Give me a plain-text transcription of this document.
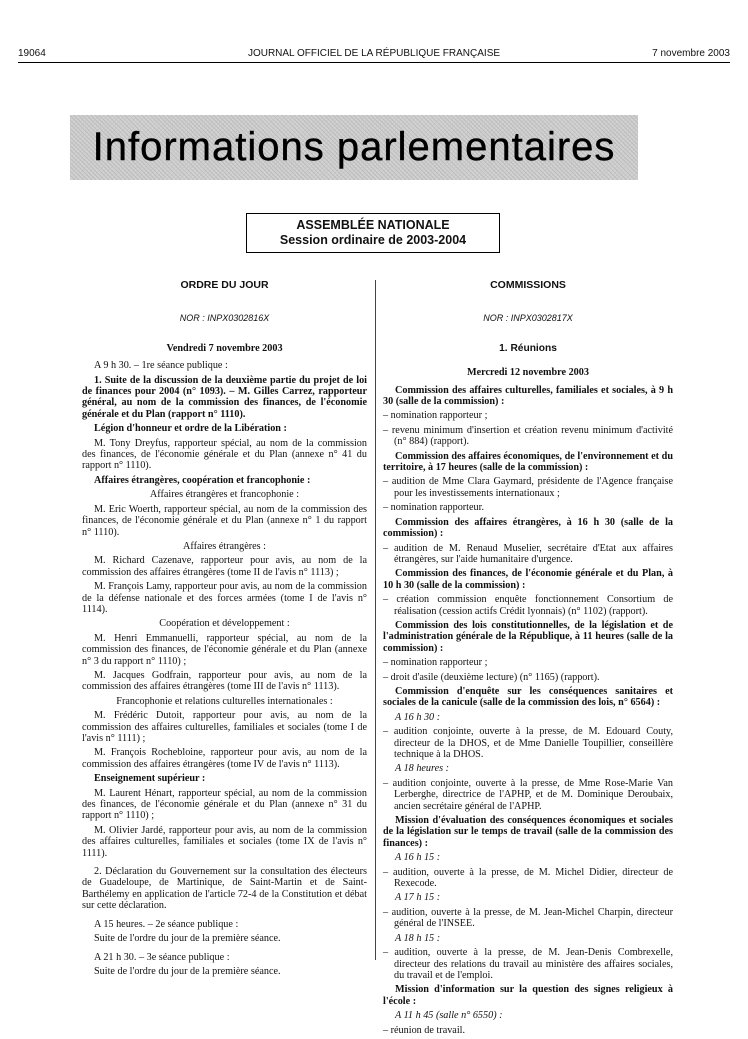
19064	JOURNAL OFFICIEL DE LA RÉPUBLIQUE FRANÇAISE	7 novembre 2003
Informations parlementaires
ASSEMBLÉE NATIONALE
Session ordinaire de 2003-2004
ORDRE DU JOUR
NOR : INPX0302816X
Vendredi 7 novembre 2003

A 9 h 30. – 1re séance publique :

1. Suite de la discussion de la deuxième partie du projet de loi de finances pour 2004 (n° 1093). – M. Gilles Carrez, rapporteur général, au nom de la commission des finances, de l'économie générale et du Plan (rapport n° 1110).

Légion d'honneur et ordre de la Libération :

M. Tony Dreyfus, rapporteur spécial, au nom de la commission des finances, de l'économie générale et du Plan (annexe n° 41 du rapport n° 1110).

Affaires étrangères, coopération et francophonie :

Affaires étrangères et francophonie :

M. Eric Woerth, rapporteur spécial, au nom de la commission des finances, de l'économie générale et du Plan (annexe n° 1 du rapport n° 1110).

Affaires étrangères :

M. Richard Cazenave, rapporteur pour avis, au nom de la commission des affaires étrangères (tome II de l'avis n° 1113) ;

M. François Lamy, rapporteur pour avis, au nom de la commission de la défense nationale et des forces armées (tome I de l'avis n° 1114).

Coopération et développement :

M. Henri Emmanuelli, rapporteur spécial, au nom de la commission des finances, de l'économie générale et du Plan (annexe n° 3 du rapport n° 1110) ;

M. Jacques Godfrain, rapporteur pour avis, au nom de la commission des affaires étrangères (tome III de l'avis n° 1113).

Francophonie et relations culturelles internationales :

M. Frédéric Dutoit, rapporteur pour avis, au nom de la commission des affaires culturelles, familiales et sociales (tome I de l'avis n° 1111) ;

M. François Rochebloine, rapporteur pour avis, au nom de la commission des affaires étrangères (tome IV de l'avis n° 1113).

Enseignement supérieur :

M. Laurent Hénart, rapporteur spécial, au nom de la commission des finances, de l'économie générale et du Plan (annexe n° 31 du rapport n° 1110) ;

M. Olivier Jardé, rapporteur pour avis, au nom de la commission des affaires culturelles, familiales et sociales (tome IX de l'avis n° 1111).

2. Déclaration du Gouvernement sur la consultation des électeurs de Guadeloupe, de Martinique, de Saint-Martin et de Saint-Barthélemy en application de l'article 72-4 de la Constitution et débat sur cette déclaration.

A 15 heures. – 2e séance publique :

Suite de l'ordre du jour de la première séance.

A 21 h 30. – 3e séance publique :

Suite de l'ordre du jour de la première séance.

COMMISSIONS
NOR : INPX0302817X
1. Réunions
Mercredi 12 novembre 2003

Commission des affaires culturelles, familiales et sociales, à 9 h 30 (salle de la commission) :

– nomination rapporteur ;

– revenu minimum d'insertion et création revenu minimum d'activité (n° 884) (rapport).

Commission des affaires économiques, de l'environnement et du territoire, à 17 heures (salle de la commission) :

– audition de Mme Clara Gaymard, présidente de l'Agence française pour les investissements internationaux ;

– nomination rapporteur.

Commission des affaires étrangères, à 16 h 30 (salle de la commission) :

– audition de M. Renaud Muselier, secrétaire d'Etat aux affaires étrangères, sur l'aide humanitaire d'urgence.

Commission des finances, de l'économie générale et du Plan, à 10 h 30 (salle de la commission) :

– création commission enquête fonctionnement Consortium de réalisation (cession actifs Crédit lyonnais) (n° 1102) (rapport).

Commission des lois constitutionnelles, de la législation et de l'administration générale de la République, à 11 heures (salle de la commission) :

– nomination rapporteur ;

– droit d'asile (deuxième lecture) (n° 1165) (rapport).

Commission d'enquête sur les conséquences sanitaires et sociales de la canicule (salle de la commission des lois, n° 6564) :

A 16 h 30 :

– audition conjointe, ouverte à la presse, de M. Edouard Couty, directeur de la DHOS, et de Mme Danielle Toupillier, conseillère technique à la DHOS.

A 18 heures :

– audition conjointe, ouverte à la presse, de Mme Rose-Marie Van Lerberghe, directrice de l'APHP, et de M. Dominique Deroubaix, ancien secrétaire général de l'APHP.

Mission d'évaluation des conséquences économiques et sociales de la législation sur le temps de travail (salle de la commission des finances) :

A 16 h 15 :

– audition, ouverte à la presse, de M. Michel Didier, directeur de Rexecode.

A 17 h 15 :

– audition, ouverte à la presse, de M. Jean-Michel Charpin, directeur général de l'INSEE.

A 18 h 15 :

– audition, ouverte à la presse, de M. Jean-Denis Combrexelle, directeur des relations du travail au ministère des affaires sociales, du travail et de l'emploi.

Mission d'information sur la question des signes religieux à l'école :

A 11 h 45 (salle n° 6550) :

– réunion de travail.
